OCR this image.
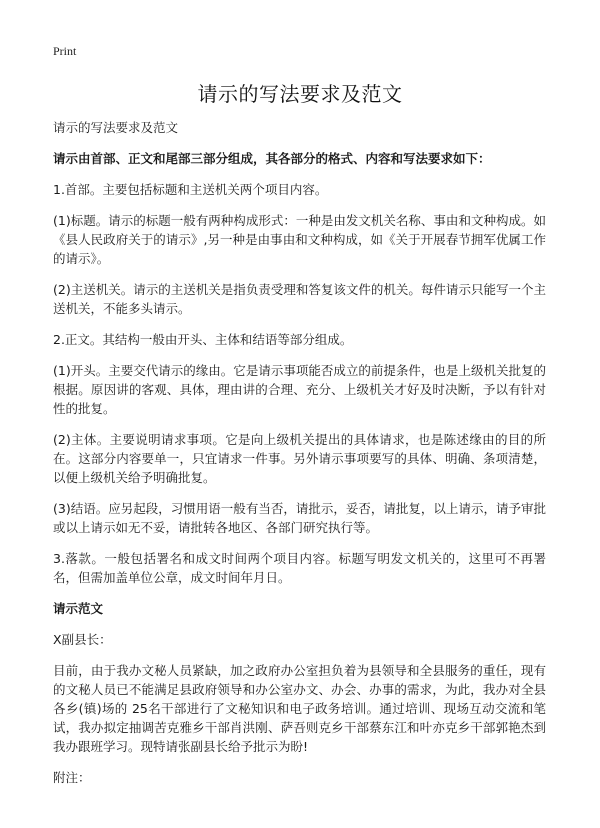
Print
请示的写法要求及范文

请示的写法要求及范文

请示由首部、正文和尾部三部分组成，其各部分的格式、内容和写法要求如下：

1.首部。主要包括标题和主送机关两个项目内容。

(1)标题。请示的标题一般有两种构成形式：一种是由发文机关名称、事由和文种构成。如《县人民政府关于的请示》,另一种是由事由和文种构成，如《关于开展春节拥军优属工作的请示》。

(2)主送机关。请示的主送机关是指负责受理和答复该文件的机关。每件请示只能写一个主送机关，不能多头请示。

2.正文。其结构一般由开头、主体和结语等部分组成。

(1)开头。主要交代请示的缘由。它是请示事项能否成立的前提条件，也是上级机关批复的根据。原因讲的客观、具体，理由讲的合理、充分、上级机关才好及时决断，予以有针对性的批复。

(2)主体。主要说明请求事项。它是向上级机关提出的具体请求，也是陈述缘由的目的所在。这部分内容要单一，只宜请求一件事。另外请示事项要写的具体、明确、条项清楚，以便上级机关给予明确批复。

(3)结语。应另起段，习惯用语一般有当否，请批示，妥否，请批复，以上请示，请予审批或以上请示如无不妥，请批转各地区、各部门研究执行等。

3.落款。一般包括署名和成文时间两个项目内容。标题写明发文机关的，这里可不再署名，但需加盖单位公章，成文时间年月日。

请示范文

X副县长：

目前，由于我办文秘人员紧缺，加之政府办公室担负着为县领导和全县服务的重任，现有的文秘人员已不能满足县政府领导和办公室办文、办会、办事的需求，为此，我办对全县各乡(镇)场的 25名干部进行了文秘知识和电子政务培训。通过培训、现场互动交流和笔试，我办拟定抽调苦克雅乡干部肖洪刚、萨吾则克乡干部蔡东江和叶亦克乡干部郭艳杰到我办跟班学习。现特请张副县长给予批示为盼!

附注：
